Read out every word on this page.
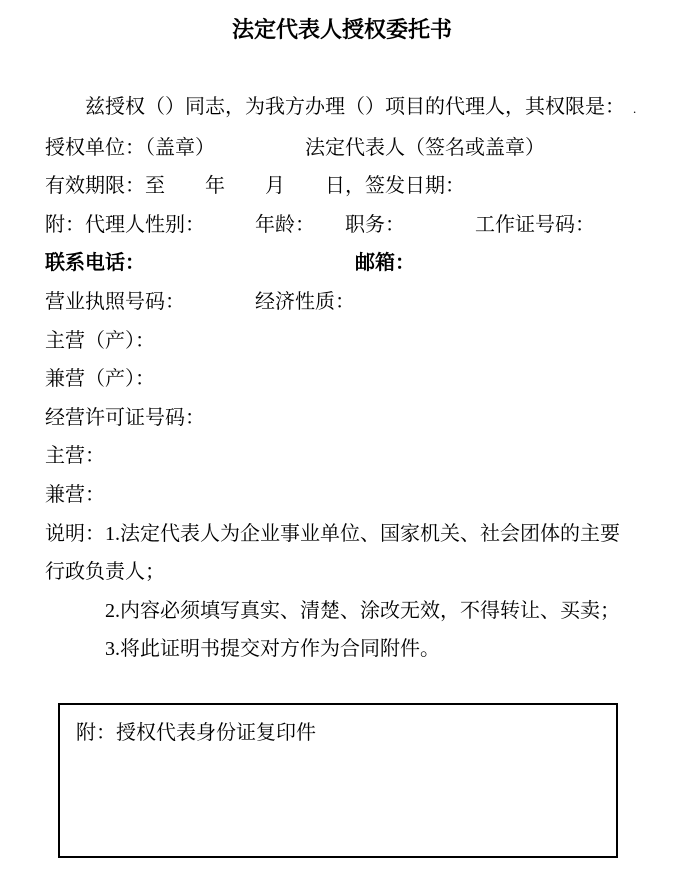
法定代表人授权委托书
兹授权（）同志，为我方办理（）项目的代理人，其权限是： .
授权单位：（盖章）　　　　　法定代表人（签名或盖章）
有效期限：至　　年　　月　　日，签发日期：
附：代理人性别：　　　年龄：　　职务：　　　　工作证号码：
联系电话：　　　　　　　　　　　邮箱：
营业执照号码：　　　　经济性质：
主营（产）：
兼营（产）：
经营许可证号码：
主营：
兼营：
说明：1.法定代表人为企业事业单位、国家机关、社会团体的主要
行政负责人；
　　　2.内容必须填写真实、清楚、涂改无效，不得转让、买卖；
　　　3.将此证明书提交对方作为合同附件。
附：授权代表身份证复印件
